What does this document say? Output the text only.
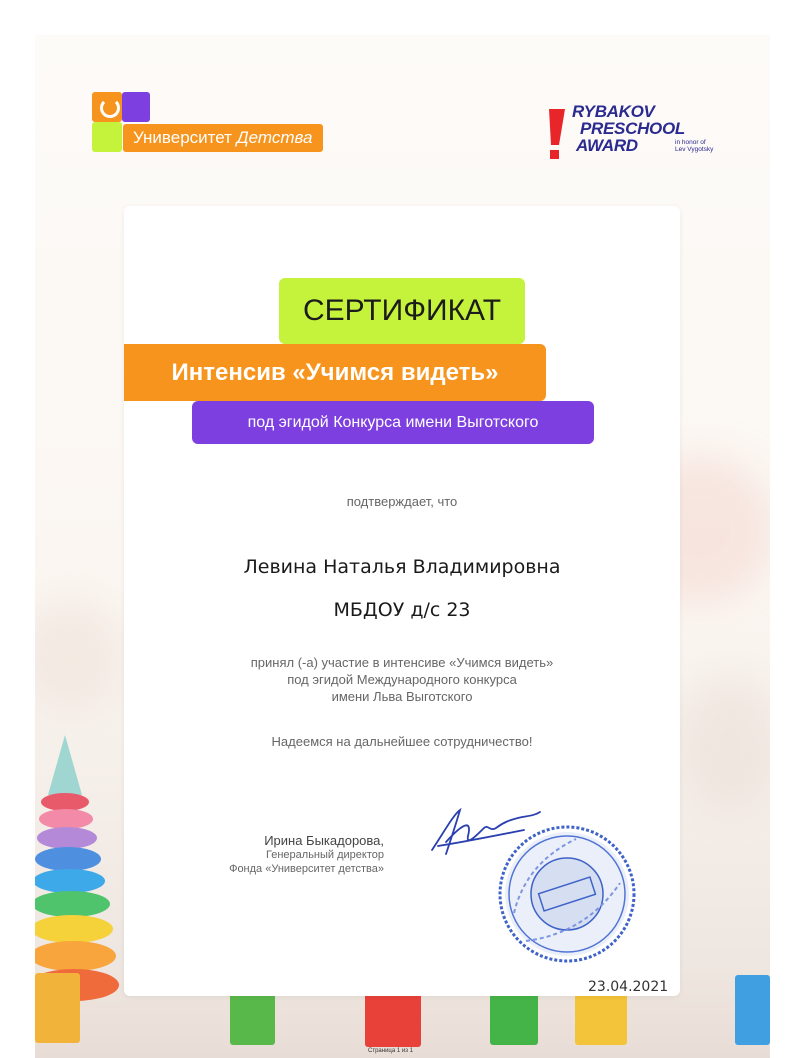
Университет Детства
RYBAKOV
PRESCHOOL
AWARD	in honor of Lev Vygotsky
СЕРТИФИКАТ
Интенсив «Учимся видеть»
под эгидой Конкурса имени Выготского
подтверждает, что
Левина Наталья Владимировна
МБДОУ д/с 23
принял (-а) участие в интенсиве «Учимся видеть»
под эгидой Международного конкурса
имени Льва Выготского
Надеемся на дальнейшее сотрудничество!
Ирина Быкадорова,
Генеральный директор
Фонда «Университет детства»
23.04.2021
Страница 1 из 1
